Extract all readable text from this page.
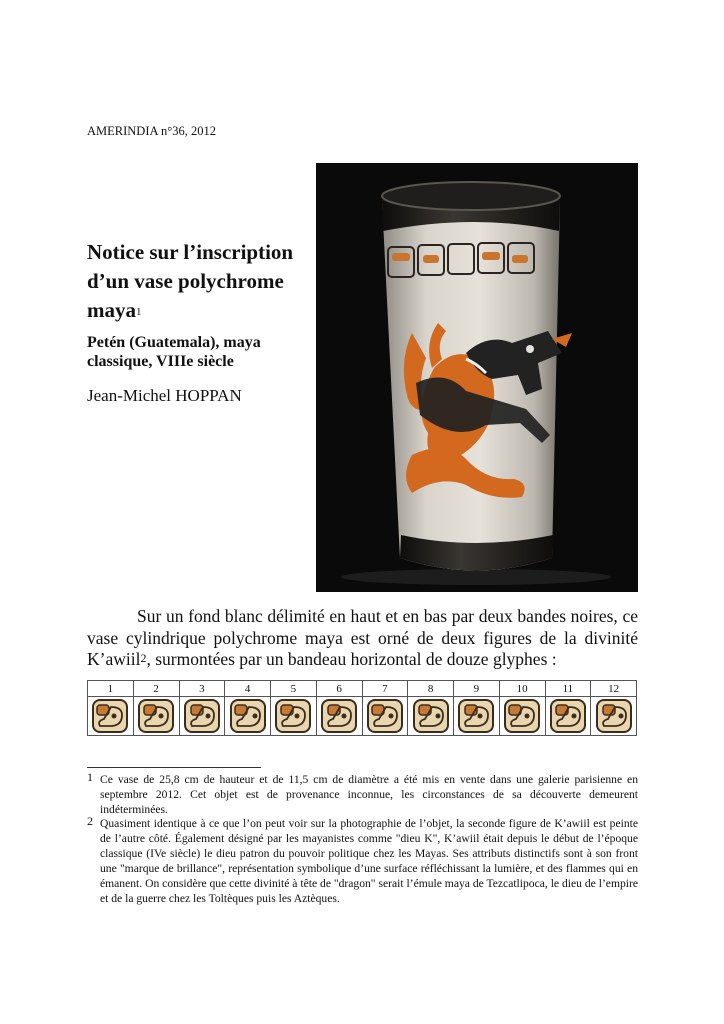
AMERINDIA n°36, 2012
Notice sur l’inscription d’un vase polychrome maya$^1$
Petén (Guatemala), maya classique, VIIIe siècle
Jean-Michel HOPPAN
Sur un fond blanc délimité en haut et en bas par deux bandes noires, ce vase cylindrique polychrome maya est orné de deux figures de la divinité K’awiil$^2$, surmontées par un bandeau horizontal de douze glyphes :
1	2	3	4	5	6	7	8	9	10	11	12

1 Ce vase de 25,8 cm de hauteur et de 11,5 cm de diamètre a été mis en vente dans une galerie parisienne en septembre 2012. Cet objet est de provenance inconnue, les circonstances de sa découverte demeurent indéterminées.
2 Quasiment identique à ce que l’on peut voir sur la photographie de l’objet, la seconde figure de K’awiil est peinte de l’autre côté. Également désigné par les mayanistes comme "dieu K", K’awiil était depuis le début de l’époque classique (IVe siècle) le dieu patron du pouvoir politique chez les Mayas. Ses attributs distinctifs sont à son front une "marque de brillance", représentation symbolique d’une surface réfléchissant la lumière, et des flammes qui en émanent. On considère que cette divinité à tête de "dragon" serait l’émule maya de Tezcatlipoca, le dieu de l’empire et de la guerre chez les Toltèques puis les Aztèques.
